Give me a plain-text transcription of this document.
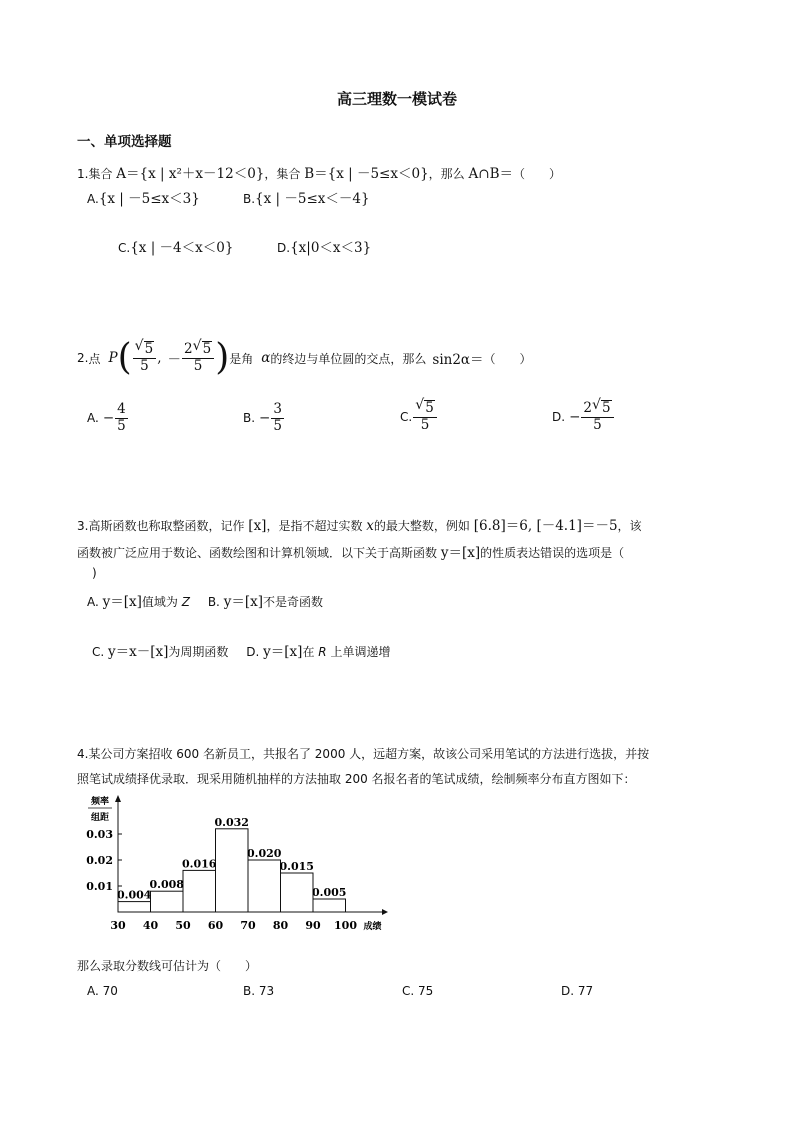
高三理数一模试卷
一、单项选择题
1.集合 A＝{x | x²＋x－12＜0}，集合 B＝{x | －5≤x＜0}，那么 A∩B＝（　　）
A.{x | －5≤x＜3}	B.{x | －5≤x＜－4}
C.{x | －4＜x＜0}	D.{x|0＜x＜3}
2. 点 P ( √ $\frac{5}{5}$ , － $\frac{2 √ 5}{5}$ ) 是角 α 的终边与单位圆的交点，那么 sin2α＝ （　　）
A. − $\frac{4}{5}$	B. − $\frac{3}{5}$	C. √ $\frac{5}{5}$	D. − $\frac{2 √ 5}{5}$
3.高斯函数也称取整函数，记作 [x]，是指不超过实数 x的最大整数，例如 [6.8]＝6, [－4.1]＝－5，该
函数被广泛应用于数论、函数绘图和计算机领域．以下关于高斯函数 y＝[x]的性质表达错误的选项是（
)
A. y＝[x]值域为 Z B. y＝[x]不是奇函数
C. y＝x－[x]为周期函数 D. y＝[x]在 R 上单调递增
4.某公司方案招收 600 名新员工，共报名了 2000 人，远超方案，故该公司采用笔试的方法进行选拔，并按
照笔试成绩择优录取．现采用随机抽样的方法抽取 200 名报名者的笔试成绩，绘制频率分布直方图如下：
0.01
0.02
0.03
频率
组距
0.004
0.008
0.016
0.032
0.020
0.015
0.005
30 40 50 60 70 80 90 100 成绩
那么录取分数线可估计为（　　）
A. 70	B. 73	C. 75	D. 77
